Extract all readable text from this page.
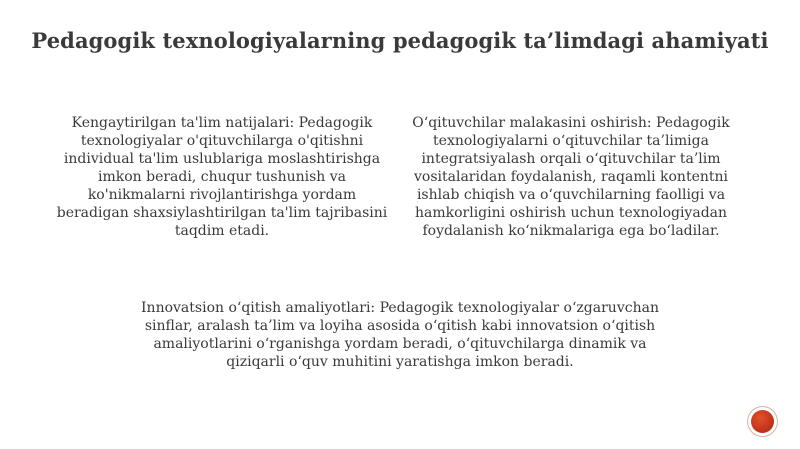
Pedagogik texnologiyalarning pedagogik ta’limdagi ahamiyati
Kengaytirilgan ta'lim natijalari: Pedagogik texnologiyalar o'qituvchilarga o'qitishni individual ta'lim uslublariga moslashtirishga imkon beradi, chuqur tushunish va ko'nikmalarni rivojlantirishga yordam beradigan shaxsiylashtirilgan ta'lim tajribasini taqdim etadi.
O‘qituvchilar malakasini oshirish: Pedagogik texnologiyalarni o‘qituvchilar ta’limiga integratsiyalash orqali o‘qituvchilar ta’lim vositalaridan foydalanish, raqamli kontentni ishlab chiqish va o‘quvchilarning faolligi va hamkorligini oshirish uchun texnologiyadan foydalanish ko‘nikmalariga ega bo‘ladilar.
Innovatsion o‘qitish amaliyotlari: Pedagogik texnologiyalar o‘zgaruvchan sinflar, aralash ta’lim va loyiha asosida o‘qitish kabi innovatsion o‘qitish amaliyotlarini o‘rganishga yordam beradi, o‘qituvchilarga dinamik va qiziqarli o‘quv muhitini yaratishga imkon beradi.
